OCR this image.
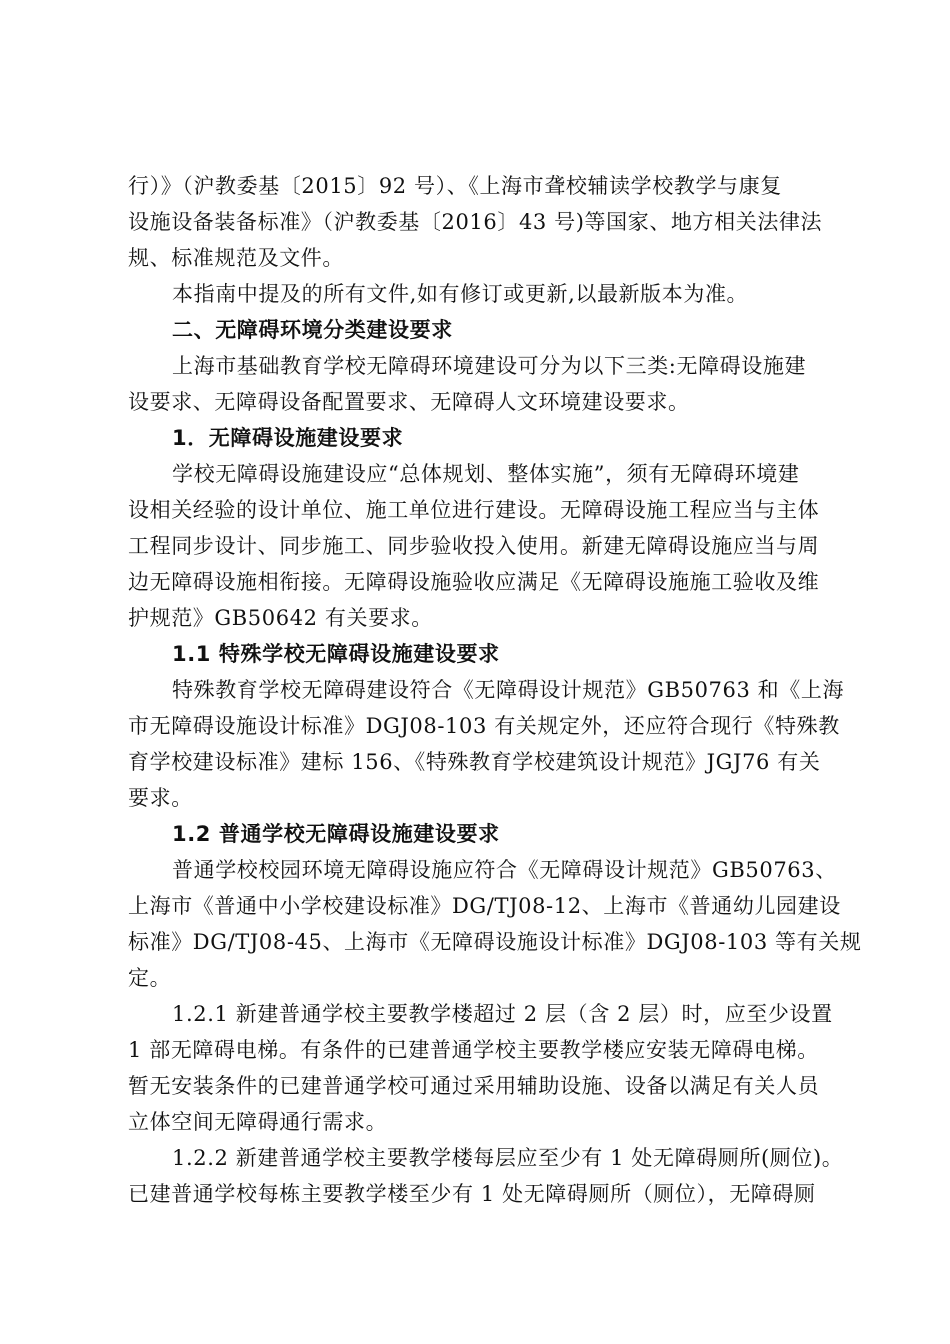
行）》（沪教委基〔2015〕92 号）、《上海市聋校辅读学校教学与康复
设施设备装备标准》（沪教委基〔2016〕43 号)等国家、地方相关法律法
规、标准规范及文件。
本指南中提及的所有文件,如有修订或更新,以最新版本为准。
二、无障碍环境分类建设要求
上海市基础教育学校无障碍环境建设可分为以下三类:无障碍设施建
设要求、无障碍设备配置要求、无障碍人文环境建设要求。
1．无障碍设施建设要求
学校无障碍设施建设应“总体规划、整体实施”，须有无障碍环境建
设相关经验的设计单位、施工单位进行建设。无障碍设施工程应当与主体
工程同步设计、同步施工、同步验收投入使用。新建无障碍设施应当与周
边无障碍设施相衔接。无障碍设施验收应满足《无障碍设施施工验收及维
护规范》GB50642 有关要求。
1.1 特殊学校无障碍设施建设要求
特殊教育学校无障碍建设符合《无障碍设计规范》GB50763 和《上海
市无障碍设施设计标准》DGJ08-103 有关规定外，还应符合现行《特殊教
育学校建设标准》建标 156、《特殊教育学校建筑设计规范》JGJ76 有关
要求。
1.2 普通学校无障碍设施建设要求
普通学校校园环境无障碍设施应符合《无障碍设计规范》GB50763、
上海市《普通中小学校建设标准》DG/TJ08-12、上海市《普通幼儿园建设
标准》DG/TJ08-45、上海市《无障碍设施设计标准》DGJ08-103 等有关规
定。
1.2.1 新建普通学校主要教学楼超过 2 层（含 2 层）时，应至少设置
1 部无障碍电梯。有条件的已建普通学校主要教学楼应安装无障碍电梯。
暂无安装条件的已建普通学校可通过采用辅助设施、设备以满足有关人员
立体空间无障碍通行需求。
1.2.2 新建普通学校主要教学楼每层应至少有 1 处无障碍厕所(厕位)。
已建普通学校每栋主要教学楼至少有 1 处无障碍厕所（厕位），无障碍厕
